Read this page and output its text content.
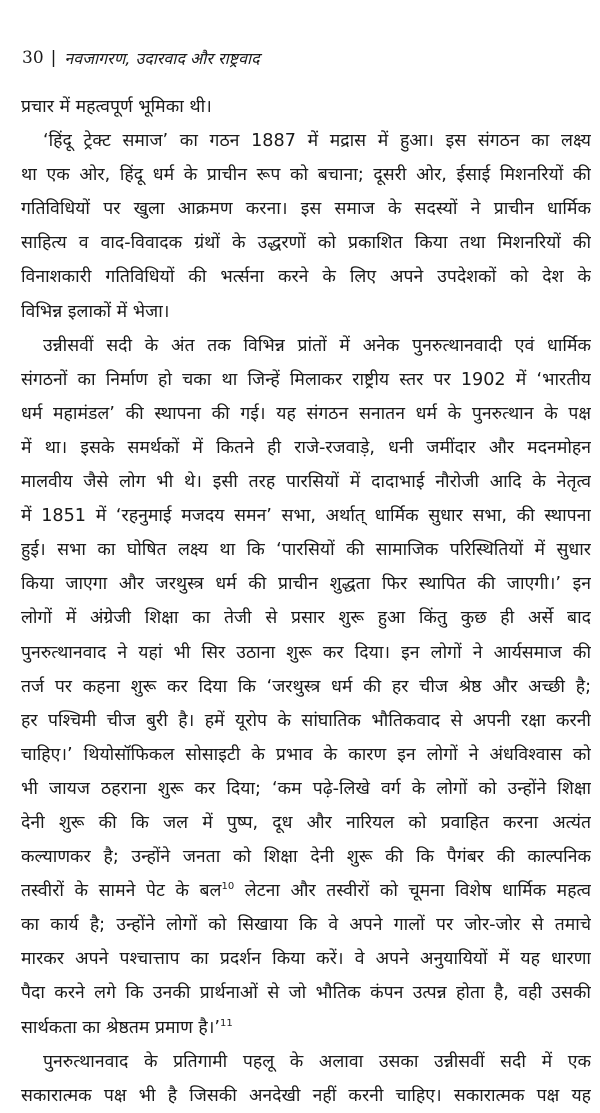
30 | नवजागरण, उदारवाद और राष्ट्रवाद
प्रचार में महत्वपूर्ण भूमिका थी।
‘हिंदू ट्रेक्ट समाज’ का गठन 1887 में मद्रास में हुआ। इस संगठन का लक्ष्य
था एक ओर, हिंदू धर्म के प्राचीन रूप को बचाना; दूसरी ओर, ईसाई मिशनरियों की
गतिविधियों पर खुला आक्रमण करना। इस समाज के सदस्यों ने प्राचीन धार्मिक
साहित्य व वाद-विवादक ग्रंथों के उद्धरणों को प्रकाशित किया तथा मिशनरियों की
विनाशकारी गतिविधियों की भर्त्सना करने के लिए अपने उपदेशकों को देश के
विभिन्न इलाकों में भेजा।
उन्नीसवीं सदी के अंत तक विभिन्न प्रांतों में अनेक पुनरुत्थानवादी एवं धार्मिक
संगठनों का निर्माण हो चका था जिन्हें मिलाकर राष्ट्रीय स्तर पर 1902 में ‘भारतीय
धर्म महामंडल’ की स्थापना की गई। यह संगठन सनातन धर्म के पुनरुत्थान के पक्ष
में था। इसके समर्थकों में कितने ही राजे-रजवाड़े, धनी जमींदार और मदनमोहन
मालवीय जैसे लोग भी थे। इसी तरह पारसियों में दादाभाई नौरोजी आदि के नेतृत्व
में 1851 में ‘रहनुमाई मजदय समन’ सभा, अर्थात् धार्मिक सुधार सभा, की स्थापना
हुई। सभा का घोषित लक्ष्य था कि ‘पारसियों की सामाजिक परिस्थितियों में सुधार
किया जाएगा और जरथुस्त्र धर्म की प्राचीन शुद्धता फिर स्थापित की जाएगी।’ इन
लोगों में अंग्रेजी शिक्षा का तेजी से प्रसार शुरू हुआ किंतु कुछ ही अर्से बाद
पुनरुत्थानवाद ने यहां भी सिर उठाना शुरू कर दिया। इन लोगों ने आर्यसमाज की
तर्ज पर कहना शुरू कर दिया कि ‘जरथुस्त्र धर्म की हर चीज श्रेष्ठ और अच्छी है;
हर पश्चिमी चीज बुरी है। हमें यूरोप के सांघातिक भौतिकवाद से अपनी रक्षा करनी
चाहिए।’ थियोसॉफिकल सोसाइटी के प्रभाव के कारण इन लोगों ने अंधविश्वास को
भी जायज ठहराना शुरू कर दिया; ‘कम पढ़े-लिखे वर्ग के लोगों को उन्होंने शिक्षा
देनी शुरू की कि जल में पुष्प, दूध और नारियल को प्रवाहित करना अत्यंत
कल्याणकर है; उन्होंने जनता को शिक्षा देनी शुरू की कि पैगंबर की काल्पनिक
तस्वीरों के सामने पेट के बल$^{10}$ लेटना और तस्वीरों को चूमना विशेष धार्मिक महत्व
का कार्य है; उन्होंने लोगों को सिखाया कि वे अपने गालों पर जोर-जोर से तमाचे
मारकर अपने पश्चात्ताप का प्रदर्शन किया करें। वे अपने अनुयायियों में यह धारणा
पैदा करने लगे कि उनकी प्रार्थनाओं से जो भौतिक कंपन उत्पन्न होता है, वही उसकी
सार्थकता का श्रेष्ठतम प्रमाण है।’$^{11}$
पुनरुत्थानवाद के प्रतिगामी पहलू के अलावा उसका उन्नीसवीं सदी में एक
सकारात्मक पक्ष भी है जिसकी अनदेखी नहीं करनी चाहिए। सकारात्मक पक्ष यह
